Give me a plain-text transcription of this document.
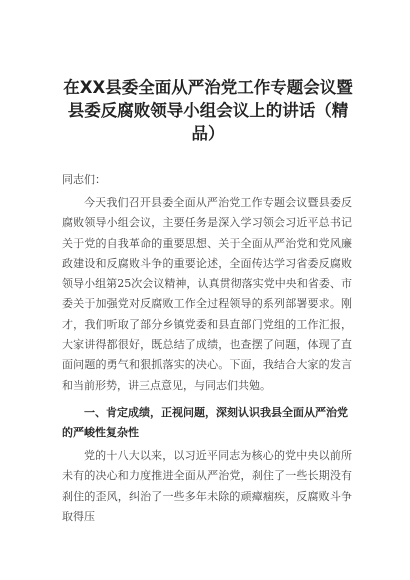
在XX县委全面从严治党工作专题会议暨县委反腐败领导小组会议上的讲话（精品）

同志们：

今天我们召开县委全面从严治党工作专题会议暨县委反腐败领导小组会议，主要任务是深入学习领会习近平总书记关于党的自我革命的重要思想、关于全面从严治党和党风廉政建设和反腐败斗争的重要论述，全面传达学习省委反腐败领导小组第25次会议精神，认真贯彻落实党中央和省委、市委关于加强党对反腐败工作全过程领导的系列部署要求。刚才，我们听取了部分乡镇党委和县直部门党组的工作汇报，大家讲得都很好，既总结了成绩，也查摆了问题，体现了直面问题的勇气和狠抓落实的决心。下面，我结合大家的发言和当前形势，讲三点意见，与同志们共勉。

一、肯定成绩，正视问题，深刻认识我县全面从严治党的严峻性复杂性

党的十八大以来，以习近平同志为核心的党中央以前所未有的决心和力度推进全面从严治党，刹住了一些长期没有刹住的歪风，纠治了一些多年未除的顽瘴痼疾，反腐败斗争取得压
